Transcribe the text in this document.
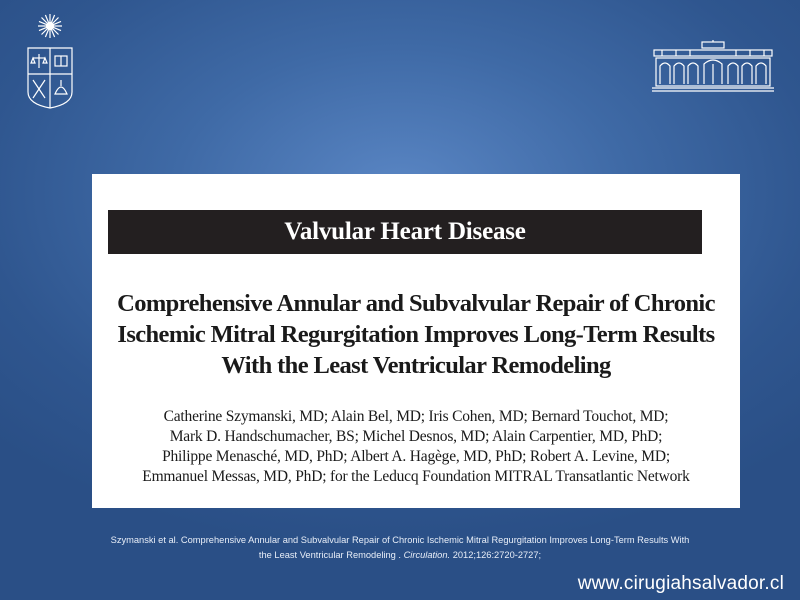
Valvular Heart Disease
Comprehensive Annular and Subvalvular Repair of Chronic
Ischemic Mitral Regurgitation Improves Long-Term Results
With the Least Ventricular Remodeling
Catherine Szymanski, MD; Alain Bel, MD; Iris Cohen, MD; Bernard Touchot, MD;
Mark D. Handschumacher, BS; Michel Desnos, MD; Alain Carpentier, MD, PhD;
Philippe Menasché, MD, PhD; Albert A. Hagège, MD, PhD; Robert A. Levine, MD;
Emmanuel Messas, MD, PhD; for the Leducq Foundation MITRAL Transatlantic Network
Szymanski et al. Comprehensive Annular and Subvalvular Repair of Chronic Ischemic Mitral Regurgitation Improves Long-Term Results With
the Least Ventricular Remodeling . Circulation. 2012;126:2720-2727;
www.cirugiahsalvador.cl
